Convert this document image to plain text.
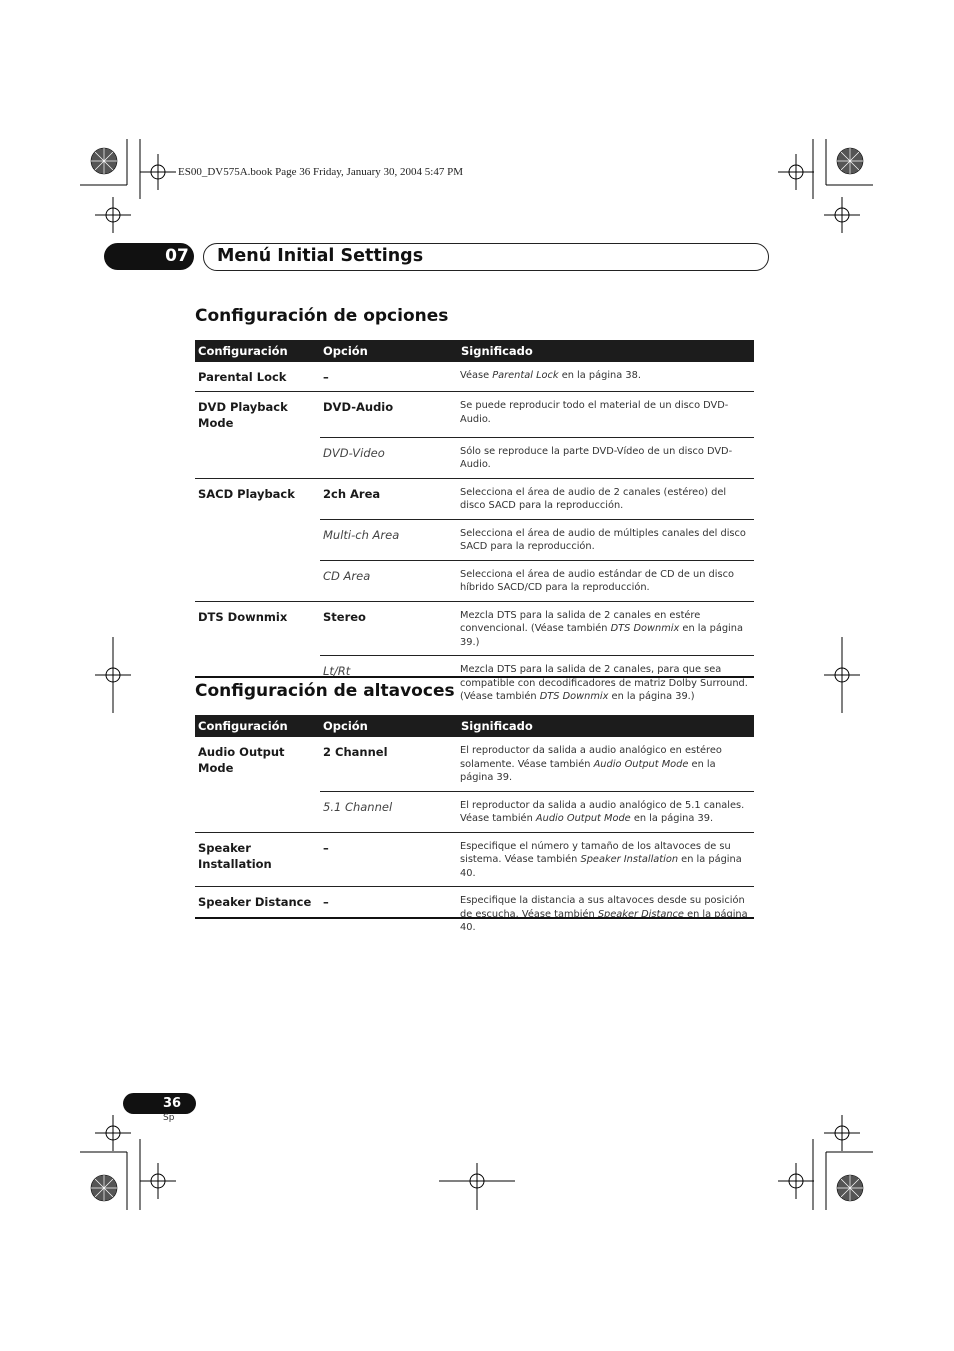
ES00_DV575A.book Page 36 Friday, January 30, 2004 5:47 PM
07 Menú Initial Settings
Configuración de opciones
Configuración	Opción	Significado

Parental Lock	–	Véase Parental Lock en la página 38.

DVD Playback Mode	DVD-Audio	Se puede reproducir todo el material de un disco DVD-Audio.

	DVD-Video	Sólo se reproduce la parte DVD-Vídeo de un disco DVD-Audio.

SACD Playback	2ch Area	Selecciona el área de audio de 2 canales (estéreo) del disco SACD para la reproducción.

	Multi-ch Area	Selecciona el área de audio de múltiples canales del disco SACD para la reproducción.

	CD Area	Selecciona el área de audio estándar de CD de un disco híbrido SACD/CD para la reproducción.

DTS Downmix	Stereo	Mezcla DTS para la salida de 2 canales en estére convencional. (Véase también DTS Downmix en la página 39.)

	Lt/Rt	Mezcla DTS para la salida de 2 canales, para que sea compatible con decodificadores de matriz Dolby Surround. (Véase también DTS Downmix en la página 39.)
Configuración de altavoces
Configuración	Opción	Significado

Audio Output Mode	2 Channel	El reproductor da salida a audio analógico en estéreo solamente. Véase también Audio Output Mode en la página 39.

	5.1 Channel	El reproductor da salida a audio analógico de 5.1 canales. Véase también Audio Output Mode en la página 39.

Speaker Installation	–	Especifique el número y tamaño de los altavoces de su sistema. Véase también Speaker Installation en la página 40.

Speaker Distance	–	Especifique la distancia a sus altavoces desde su posición de escucha. Véase también Speaker Distance en la página 40.
36
Sp
